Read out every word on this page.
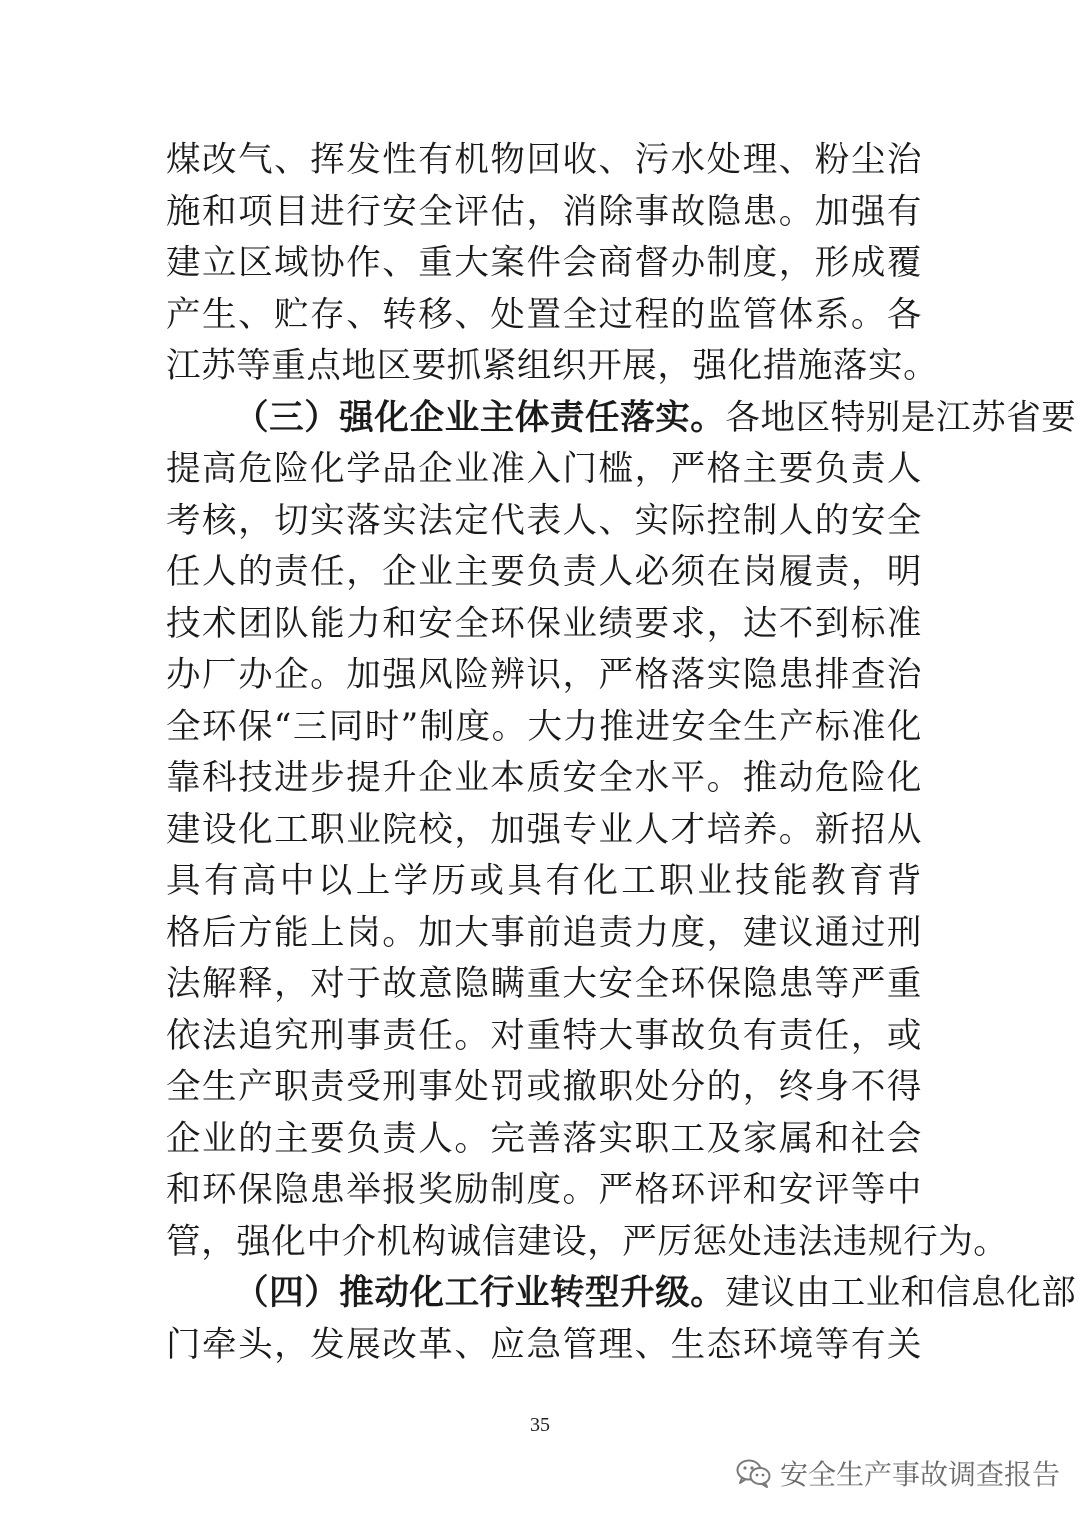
煤改气、挥发性有机物回收、污水处理、粉尘治
施和项目进行安全评估，消除事故隐患。加强有
建立区域协作、重大案件会商督办制度，形成覆
产生、贮存、转移、处置全过程的监管体系。各
江苏等重点地区要抓紧组织开展，强化措施落实。
（三）强化企业主体责任落实。各地区特别是江苏省要
提高危险化学品企业准入门槛，严格主要负责人
考核，切实落实法定代表人、实际控制人的安全
任人的责任，企业主要负责人必须在岗履责，明
技术团队能力和安全环保业绩要求，达不到标准
办厂办企。加强风险辨识，严格落实隐患排查治
全环保“三同时”制度。大力推进安全生产标准化
靠科技进步提升企业本质安全水平。推动危险化
建设化工职业院校，加强专业人才培养。新招从
具有高中以上学历或具有化工职业技能教育背
格后方能上岗。加大事前追责力度，建议通过刑
法解释，对于故意隐瞒重大安全环保隐患等严重
依法追究刑事责任。对重特大事故负有责任，或
全生产职责受刑事处罚或撤职处分的，终身不得
企业的主要负责人。完善落实职工及家属和社会
和环保隐患举报奖励制度。严格环评和安评等中
管，强化中介机构诚信建设，严厉惩处违法违规行为。
（四）推动化工行业转型升级。建议由工业和信息化部
门牵头，发展改革、应急管理、生态环境等有关
35
安全生产事故调查报告
